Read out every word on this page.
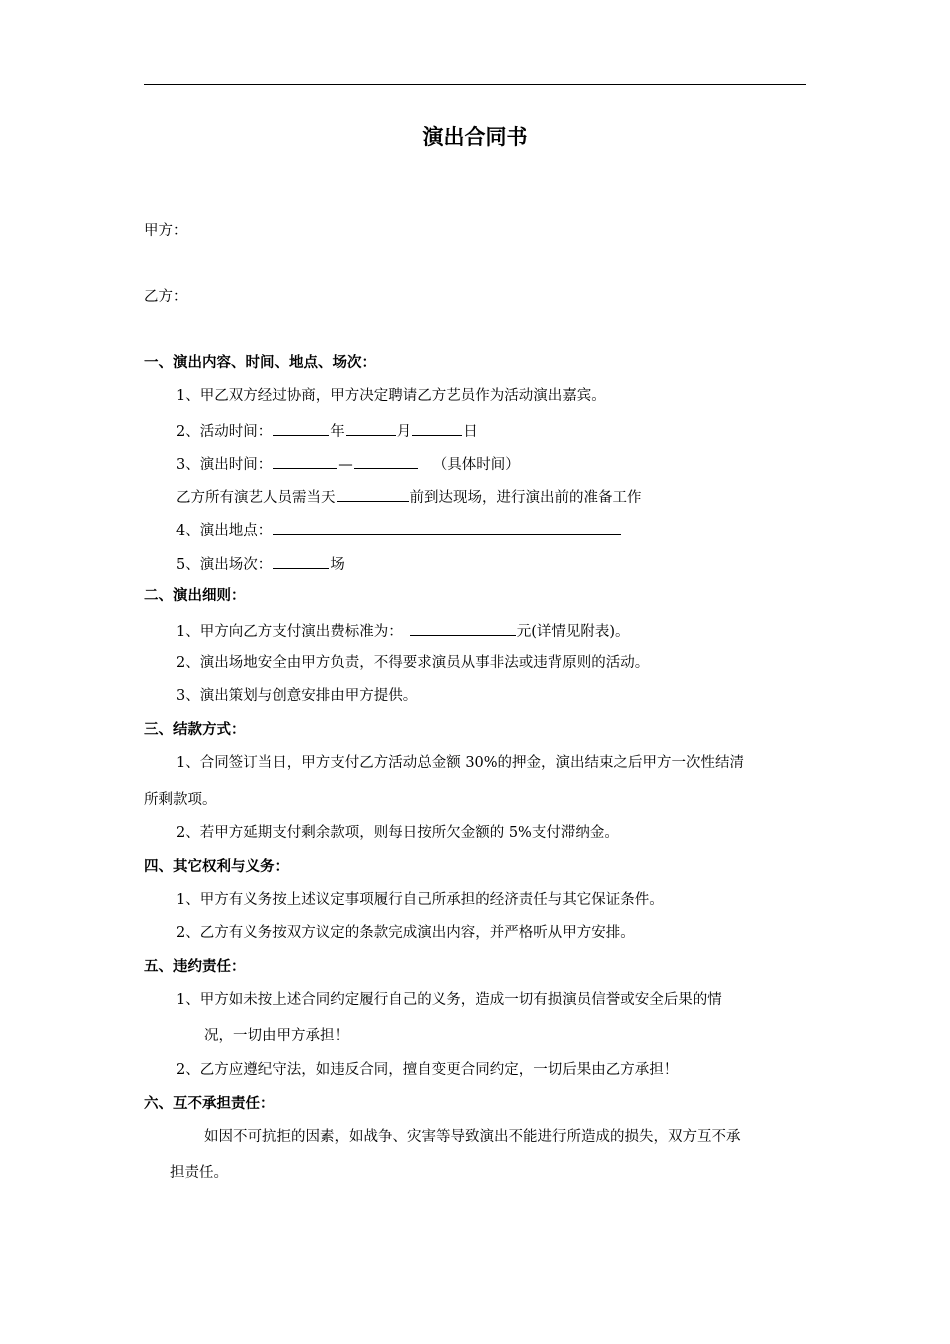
演出合同书
甲方：
乙方：
一、演出内容、时间、地点、场次：
1、甲乙双方经过协商，甲方决定聘请乙方艺员作为活动演出嘉宾。
2、活动时间：	年	月	日
3、演出时间：	—	（具体时间）
乙方所有演艺人员需当天	前到达现场，进行演出前的准备工作
4、演出地点：
5、演出场次：	场
二、演出细则：
1、甲方向乙方支付演出费标准为：	元(详情见附表)。
2、演出场地安全由甲方负责，不得要求演员从事非法或违背原则的活动。
3、演出策划与创意安排由甲方提供。
三、结款方式：
1、合同签订当日，甲方支付乙方活动总金额 30%的押金，演出结束之后甲方一次性结清
所剩款项。
2、若甲方延期支付剩余款项，则每日按所欠金额的 5%支付滞纳金。
四、其它权利与义务：
1、甲方有义务按上述议定事项履行自己所承担的经济责任与其它保证条件。
2、乙方有义务按双方议定的条款完成演出内容，并严格听从甲方安排。
五、违约责任：
1、甲方如未按上述合同约定履行自己的义务，造成一切有损演员信誉或安全后果的情
况，一切由甲方承担！
2、乙方应遵纪守法，如违反合同，擅自变更合同约定，一切后果由乙方承担！
六、互不承担责任：
如因不可抗拒的因素，如战争、灾害等导致演出不能进行所造成的损失，双方互不承
担责任。
